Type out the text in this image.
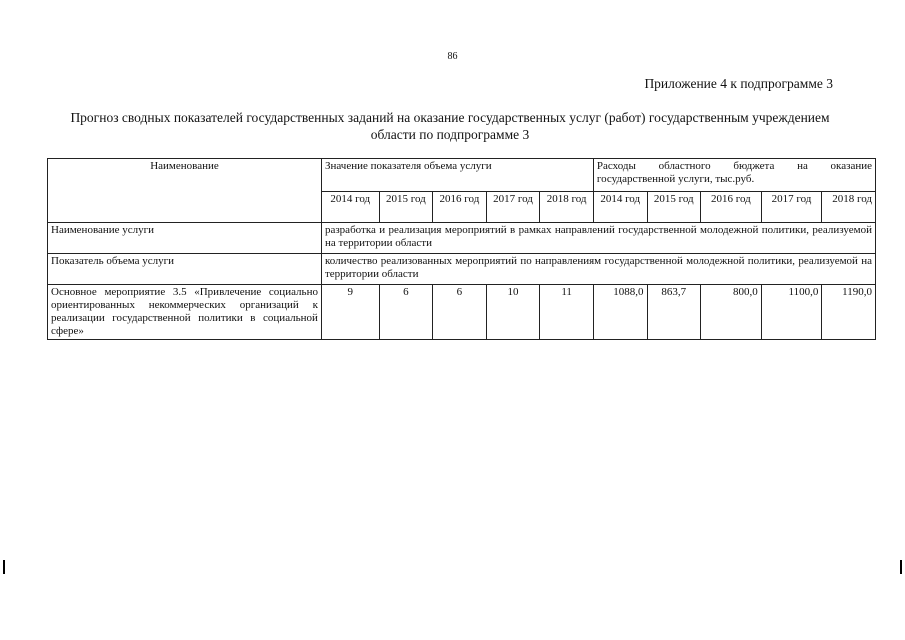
86
Приложение 4 к подпрограмме 3
Прогноз сводных показателей государственных заданий на оказание государственных услуг (работ) государственным учреждением области по подпрограмме 3
Наименование	Значение показателя объема услуги					Расходы областного бюджета на оказание государственной услуги, тыс.руб.				
	2014 год	2015 год	2016 год	2017 год	2018 год	2014 год	2015 год	2016 год	2017 год	2018 год
Наименование услуги	разработка и реализация мероприятий в рамках направлений государственной молодежной политики, реализуемой на территории области									
Показатель объема услуги	количество реализованных мероприятий по направлениям государственной молодежной политики, реализуемой на территории области									
Основное мероприятие 3.5 «Привлечение социально ориентированных некоммерческих организаций к реализации государственной политики в социальной сфере»	9	6	6	10	11	1088,0	863,7	800,0	1100,0	1190,0
